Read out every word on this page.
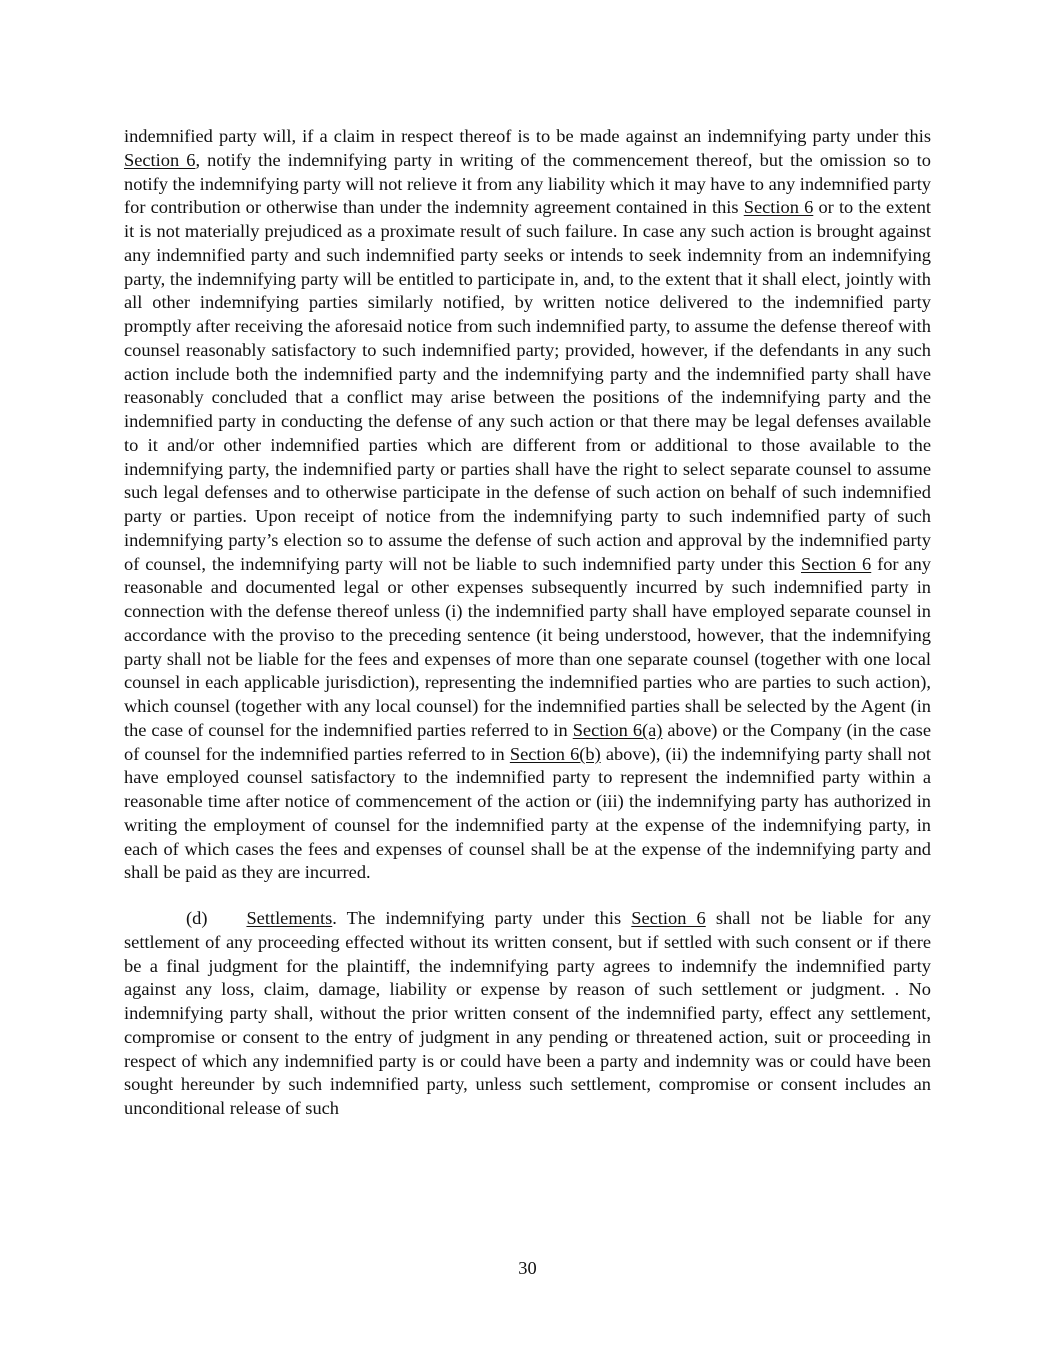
indemnified party will, if a claim in respect thereof is to be made against an indemnifying party under this Section 6, notify the indemnifying party in writing of the commencement thereof, but the omission so to notify the indemnifying party will not relieve it from any liability which it may have to any indemnified party for contribution or otherwise than under the indemnity agreement contained in this Section 6 or to the extent it is not materially prejudiced as a proximate result of such failure. In case any such action is brought against any indemnified party and such indemnified party seeks or intends to seek indemnity from an indemnifying party, the indemnifying party will be entitled to participate in, and, to the extent that it shall elect, jointly with all other indemnifying parties similarly notified, by written notice delivered to the indemnified party promptly after receiving the aforesaid notice from such indemnified party, to assume the defense thereof with counsel reasonably satisfactory to such indemnified party; provided, however, if the defendants in any such action include both the indemnified party and the indemnifying party and the indemnified party shall have reasonably concluded that a conflict may arise between the positions of the indemnifying party and the indemnified party in conducting the defense of any such action or that there may be legal defenses available to it and/or other indemnified parties which are different from or additional to those available to the indemnifying party, the indemnified party or parties shall have the right to select separate counsel to assume such legal defenses and to otherwise participate in the defense of such action on behalf of such indemnified party or parties. Upon receipt of notice from the indemnifying party to such indemnified party of such indemnifying party’s election so to assume the defense of such action and approval by the indemnified party of counsel, the indemnifying party will not be liable to such indemnified party under this Section 6 for any reasonable and documented legal or other expenses subsequently incurred by such indemnified party in connection with the defense thereof unless (i) the indemnified party shall have employed separate counsel in accordance with the proviso to the preceding sentence (it being understood, however, that the indemnifying party shall not be liable for the fees and expenses of more than one separate counsel (together with one local counsel in each applicable jurisdiction), representing the indemnified parties who are parties to such action), which counsel (together with any local counsel) for the indemnified parties shall be selected by the Agent (in the case of counsel for the indemnified parties referred to in Section 6(a) above) or the Company (in the case of counsel for the indemnified parties referred to in Section 6(b) above), (ii) the indemnifying party shall not have employed counsel satisfactory to the indemnified party to represent the indemnified party within a reasonable time after notice of commencement of the action or (iii) the indemnifying party has authorized in writing the employment of counsel for the indemnified party at the expense of the indemnifying party, in each of which cases the fees and expenses of counsel shall be at the expense of the indemnifying party and shall be paid as they are incurred.

(d) Settlements. The indemnifying party under this Section 6 shall not be liable for any settlement of any proceeding effected without its written consent, but if settled with such consent or if there be a final judgment for the plaintiff, the indemnifying party agrees to indemnify the indemnified party against any loss, claim, damage, liability or expense by reason of such settlement or judgment. . No indemnifying party shall, without the prior written consent of the indemnified party, effect any settlement, compromise or consent to the entry of judgment in any pending or threatened action, suit or proceeding in respect of which any indemnified party is or could have been a party and indemnity was or could have been sought hereunder by such indemnified party, unless such settlement, compromise or consent includes an unconditional release of such

30
